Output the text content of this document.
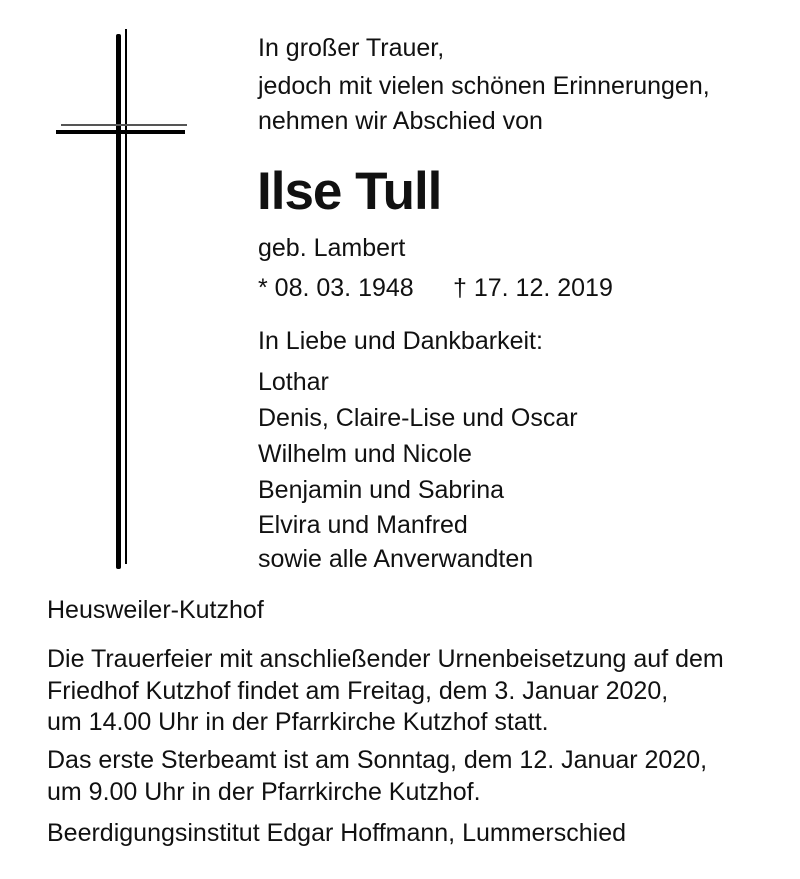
In großer Trauer,
jedoch mit vielen schönen Erinnerungen,
nehmen wir Abschied von
Ilse Tull
geb. Lambert
* 08. 03. 1948 † 17. 12. 2019
In Liebe und Dankbarkeit:
Lothar
Denis, Claire-Lise und Oscar
Wilhelm und Nicole
Benjamin und Sabrina
Elvira und Manfred
sowie alle Anverwandten
Heusweiler-Kutzhof
Die Trauerfeier mit anschließender Urnenbeisetzung auf dem
Friedhof Kutzhof findet am Freitag, dem 3. Januar 2020,
um 14.00 Uhr in der Pfarrkirche Kutzhof statt.
Das erste Sterbeamt ist am Sonntag, dem 12. Januar 2020,
um 9.00 Uhr in der Pfarrkirche Kutzhof.
Beerdigungsinstitut Edgar Hoffmann, Lummerschied
